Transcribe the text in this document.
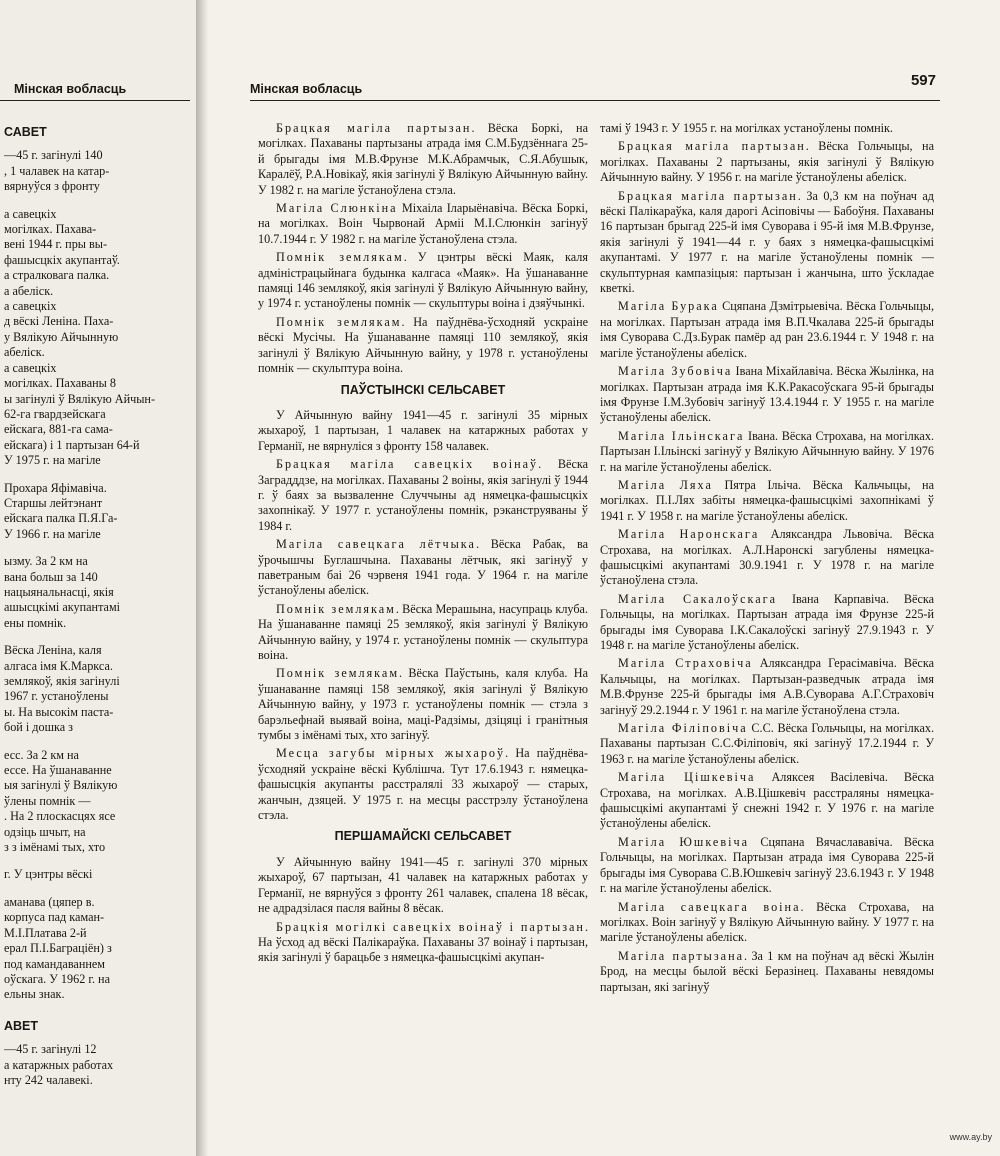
Мінская вобласць
САВЕТ
—45 г. загінулі 140
, 1 чалавек на катар-
вярнуўся з фронту
а савецкіх
могілках. Пахава-
вені 1944 г. пры вы-
фашысцкіх акупантаў.
а стралковага палка.
а абеліск.
а савецкіх
д вёскі Леніна. Паха-
у Вялікую Айчынную
абеліск.
а савецкіх
могілках. Пахаваны 8
ы загінулі ў Вялікую Айчын-
62-га гвардзейскага
ейскага, 881-га сама-
ейскага) і 1 партызан 64-й
У 1975 г. на магіле
Прохара Яфімавіча.
Старшы лейтэнант
ейскага палка П.Я.Га-
У 1966 г. на магіле
ызму. За 2 км на
вана больш за 140
нацыянальнасці, якія
ашысцкімі акупантамі
ены помнік.
Вёска Леніна, каля
алгаса імя К.Маркса.
землякоў, якія загінулі
1967 г. устаноўлены
ы. На высокім паста-
бой і дошка з
есс. За 2 км на
ессе. На ўшанаванне
ыя загінулі ў Вялікую
ўлены помнік —
. На 2 плоскасцях ясе
одзіць шчыт, на
з з імёнамі тых, хто
г. У цэнтры вёскі
аманава (цяпер в.
корпуса пад каман-
М.І.Платава 2-й
ерал П.І.Баграціён) з
под камандаваннем
оўскага. У 1962 г. на
ельны знак.
АВЕТ
—45 г. загінулі 12
а катаржных работах
нту 242 чалавекі.
Мінская вобласць	597

Брацкая магіла партызан. Вёска Боркі, на могілках. Пахаваны партызаны атрада імя С.М.Будзённага 25-й брыгады імя М.В.Фрунзе М.К.Абрамчык, С.Я.Абушык, Каралёў, Р.А.Новікаў, якія загінулі ў Вялікую Айчынную вайну. У 1982 г. на магіле ўстаноўлена стэла.

Магіла Слюнкіна Міхаіла Іларыёнавіча. Вёска Боркі, на могілках. Воін Чырвонай Арміі М.І.Слюнкін загінуў 10.7.1944 г. У 1982 г. на магіле ўстаноўлена стэла.

Помнік землякам. У цэнтры вёскі Маяк, каля адміністрацыйнага будынка калгаса «Маяк». На ўшанаванне памяці 146 землякоў, якія загінулі ў Вялікую Айчынную вайну, у 1974 г. устаноўлены помнік — скульптуры воіна і дзяўчынкі.

Помнік землякам. На паўднёва-ўсходняй ускраіне вёскі Мусічы. На ўшанаванне памяці 110 землякоў, якія загінулі ў Вялікую Айчынную вайну, у 1978 г. устаноўлены помнік — скульптура воіна.

ПАЎСТЫНСКІ СЕЛЬСАВЕТ

У Айчынную вайну 1941—45 г. загінулі 35 мірных жыхароў, 1 партызан, 1 чалавек на катаржных работах у Германії, не вярнуліся з фронту 158 чалавек.

Брацкая магіла савецкіх воінаў. Вёска Заградддзе, на могілках. Пахаваны 2 воіны, якія загінулі ў 1944 г. ў баях за вызваленне Случчыны ад нямецка-фашысцкіх захопнікаў. У 1977 г. устаноўлены помнік, рэканструяваны ў 1984 г.

Магіла савецкага лётчыка. Вёска Рабак, ва ўрочышчы Буглашчына. Пахаваны лётчык, які загінуў у паветраным баі 26 чэрвеня 1941 года. У 1964 г. на магіле ўстаноўлены абеліск.

Помнік землякам. Вёска Мерашына, насупраць клуба. На ўшанаванне памяці 25 землякоў, якія загінулі ў Вялікую Айчынную вайну, у 1974 г. устаноўлены помнік — скульптура воіна.

Помнік землякам. Вёска Паўстынь, каля клуба. На ўшанаванне памяці 158 землякоў, якія загінулі ў Вялікую Айчынную вайну, у 1973 г. устаноўлены помнік — стэла з барэльефнай выявай воіна, маці-Радзімы, дзіцяці і гранітныя тумбы з імёнамі тых, хто загінуў.

Месца загубы мірных жыхароў. На паўднёва-ўсходняй ускраіне вёскі Кублішча. Тут 17.6.1943 г. нямецка-фашысцкія акупанты расстралялі 33 жыхароў — старых, жанчын, дзяцей. У 1975 г. на месцы расстрэлу ўстаноўлена стэла.

ПЕРШАМАЙСКІ СЕЛЬСАВЕТ

У Айчынную вайну 1941—45 г. загінулі 370 мірных жыхароў, 67 партызан, 41 чалавек на катаржных работах у Германії, не вярнуўся з фронту 261 чалавек, спалена 18 вёсак, не адрадзілася пасля вайны 8 вёсак.

Брацкія могілкі савецкіх воінаў і партызан. На ўсход ад вёскі Палікараўка. Пахаваны 37 воінаў і партызан, якія загінулі ў барацьбе з нямецка-фашысцкімі акупан-

тамі ў 1943 г. У 1955 г. на могілках устаноўлены помнік.

Брацкая магіла партызан. Вёска Гольчыцы, на могілках. Пахаваны 2 партызаны, якія загінулі ў Вялікую Айчынную вайну. У 1956 г. на магіле ўстаноўлены абеліск.

Брацкая магіла партызан. За 0,3 км на поўнач ад вёскі Палікараўка, каля дарогі Асіповічы — Бабоўня. Пахаваны 16 партызан брыгад 225-й імя Суворава і 95-й імя М.В.Фрунзе, якія загінулі ў 1941—44 г. у баях з нямецка-фашысцкімі акупантамі. У 1977 г. на магіле ўстаноўлены помнік — скульптурная кампазіцыя: партызан і жанчына, што ўскладае кветкі.

Магіла Бурака Сцяпана Дзмітрыевіча. Вёска Гольчыцы, на могілках. Партызан атрада імя В.П.Чкалава 225-й брыгады імя Суворава С.Дз.Бурак памёр ад ран 23.6.1944 г. У 1948 г. на магіле ўстаноўлены абеліск.

Магіла Зубовіча Івана Міхайлавіча. Вёска Жылінка, на могілках. Партызан атрада імя К.К.Ракасоўскага 95-й брыгады імя Фрунзе І.М.Зубовіч загінуў 13.4.1944 г. У 1955 г. на магіле ўстаноўлены абеліск.

Магіла Ільінскага Івана. Вёска Строхава, на могілках. Партызан І.Ільінскі загінуў у Вялікую Айчынную вайну. У 1976 г. на магіле ўстаноўлены абеліск.

Магіла Ляха Пятра Ільіча. Вёска Кальчыцы, на могілках. П.І.Лях забіты нямецка-фашысцкімі захопнікамі ў 1941 г. У 1958 г. на магіле ўстаноўлены абеліск.

Магіла Наронскага Аляксандра Львовіча. Вёска Строхава, на могілках. А.Л.Наронскі загублены нямецка-фашысцкімі акупантамі 30.9.1941 г. У 1978 г. на магіле ўстаноўлена стэла.

Магіла Сакалоўскага Івана Карпавіча. Вёска Гольчыцы, на могілках. Партызан атрада імя Фрунзе 225-й брыгады імя Суворава І.К.Сакалоўскі загінуў 27.9.1943 г. У 1948 г. на магіле ўстаноўлены абеліск.

Магіла Страховіча Аляксандра Герасімавіча. Вёска Кальчыцы, на могілках. Партызан-разведчык атрада імя М.В.Фрунзе 225-й брыгады імя А.В.Суворава А.Г.Страховіч загінуў 29.2.1944 г. У 1961 г. на магіле ўстаноўлена стэла.

Магіла Філіповіча С.С. Вёска Гольчыцы, на могілках. Пахаваны партызан С.С.Філіповіч, які загінуў 17.2.1944 г. У 1963 г. на магіле ўстаноўлены абеліск.

Магіла Цішкевіча Алякcея Васілевіча. Вёска Строхава, на могілках. А.В.Цішкевіч расстраляны нямецка-фашысцкімі акупантамі ў снежні 1942 г. У 1976 г. на магіле ўстаноўлены абеліск.

Магіла Юшкевіча Сцяпана Вячаслававіча. Вёска Гольчыцы, на могілках. Партызан атрада імя Суворава 225-й брыгады імя Суворава С.В.Юшкевіч загінуў 23.6.1943 г. У 1948 г. на магіле ўстаноўлены абеліск.

Магіла савецкага воіна. Вёска Строхава, на могілках. Воін загінуў у Вялікую Айчынную вайну. У 1977 г. на магіле ўстаноўлены абеліск.

Магіла партызана. За 1 км на поўнач ад вёскі Жылін Брод, на месцы былой вёскі Беразінец. Пахаваны невядомы партызан, які загінуў

www.ay.by
